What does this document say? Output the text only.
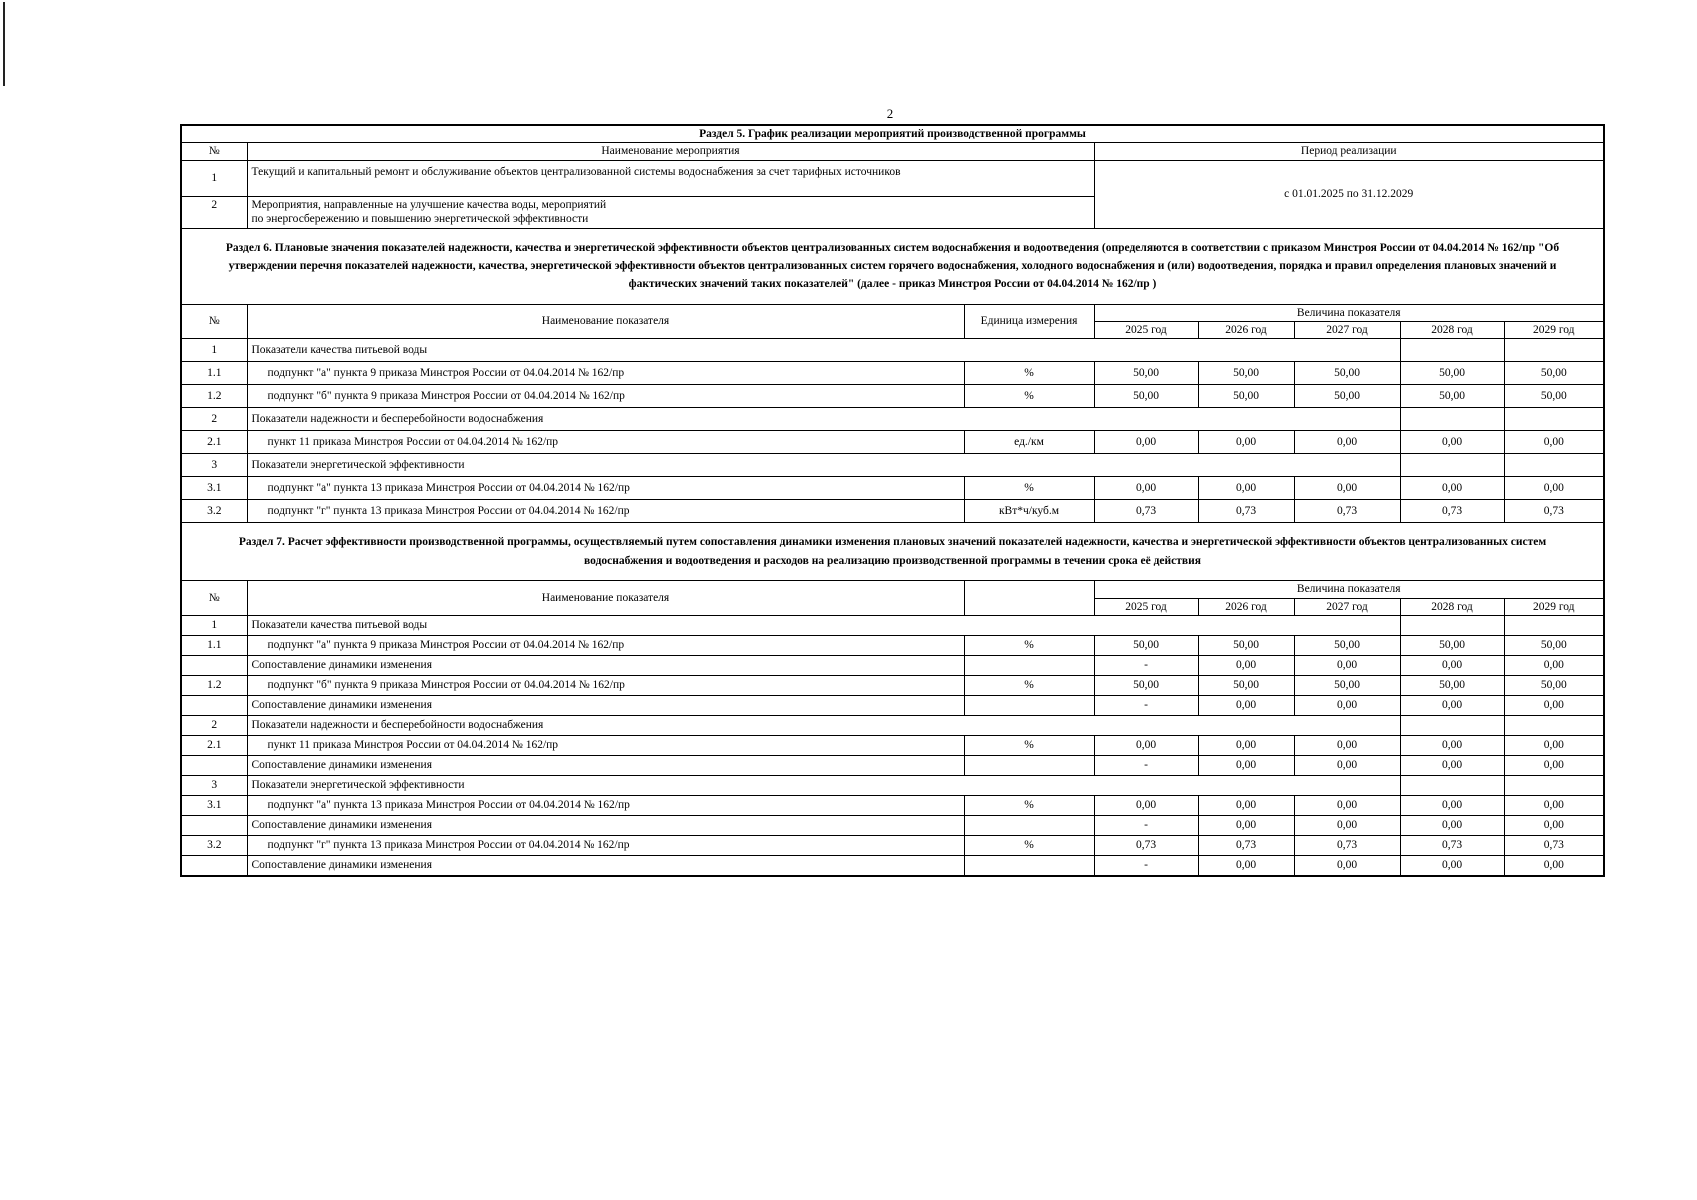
2
Раздел 5. График реализации мероприятий производственной программы		
№	Наименование мероприятия	Период реализации
1	Текущий и капитальный ремонт и обслуживание объектов централизованной системы водоснабжения за счет тарифных источников	с 01.01.2025 по 31.12.2029
2	Мероприятия, направленные на улучшение качества воды, мероприятий
по энергосбережению и повышению энергетической эффективности	
Раздел 6. Плановые значения показателей надежности, качества и энергетической эффективности объектов централизованных систем водоснабжения и водоотведения (определяются в соответствии с приказом Минстроя России от 04.04.2014 № 162/пр "Об утверждении перечня показателей надежности, качества, энергетической эффективности объектов централизованных систем горячего водоснабжения, холодного водоснабжения и (или) водоотведения, порядка и правил определения плановых значений и фактических значений таких показателей" (далее - приказ Минстроя России от 04.04.2014 № 162/пр )
№	Наименование показателя	Единица измерения	Величина показателя				
			2025 год	2026 год	2027 год	2028 год	2029 год
1	Показатели качества питьевой воды						
1.1	подпункт "а" пункта 9 приказа Минстроя России от 04.04.2014 № 162/пр	%	50,00	50,00	50,00	50,00	50,00
1.2	подпункт "б" пункта 9 приказа Минстроя России от 04.04.2014 № 162/пр	%	50,00	50,00	50,00	50,00	50,00
2	Показатели надежности и бесперебойности водоснабжения						
2.1	пункт 11 приказа Минстроя России от 04.04.2014 № 162/пр	ед./км	0,00	0,00	0,00	0,00	0,00
3	Показатели энергетической эффективности						
3.1	подпункт "а" пункта 13 приказа Минстроя России от 04.04.2014 № 162/пр	%	0,00	0,00	0,00	0,00	0,00
3.2	подпункт "г" пункта 13 приказа Минстроя России от 04.04.2014 № 162/пр	кВт*ч/куб.м	0,73	0,73	0,73	0,73	0,73
Раздел 7. Расчет эффективности производственной программы, осуществляемый путем сопоставления динамики изменения плановых значений показателей надежности, качества и энергетической эффективности объектов централизованных систем водоснабжения и водоотведения и расходов на реализацию производственной программы в течении срока её действия
№	Наименование показателя		Величина показателя				
			2025 год	2026 год	2027 год	2028 год	2029 год
1	Показатели качества питьевой воды						
1.1	подпункт "а" пункта 9 приказа Минстроя России от 04.04.2014 № 162/пр	%	50,00	50,00	50,00	50,00	50,00
	Сопоставление динамики изменения		-	0,00	0,00	0,00	0,00
1.2	подпункт "б" пункта 9 приказа Минстроя России от 04.04.2014 № 162/пр	%	50,00	50,00	50,00	50,00	50,00
	Сопоставление динамики изменения		-	0,00	0,00	0,00	0,00
2	Показатели надежности и бесперебойности водоснабжения						
2.1	пункт 11 приказа Минстроя России от 04.04.2014 № 162/пр	%	0,00	0,00	0,00	0,00	0,00
	Сопоставление динамики изменения		-	0,00	0,00	0,00	0,00
3	Показатели энергетической эффективности						
3.1	подпункт "а" пункта 13 приказа Минстроя России от 04.04.2014 № 162/пр	%	0,00	0,00	0,00	0,00	0,00
	Сопоставление динамики изменения		-	0,00	0,00	0,00	0,00
3.2	подпункт "г" пункта 13 приказа Минстроя России от 04.04.2014 № 162/пр	%	0,73	0,73	0,73	0,73	0,73
	Сопоставление динамики изменения		-	0,00	0,00	0,00	0,00
